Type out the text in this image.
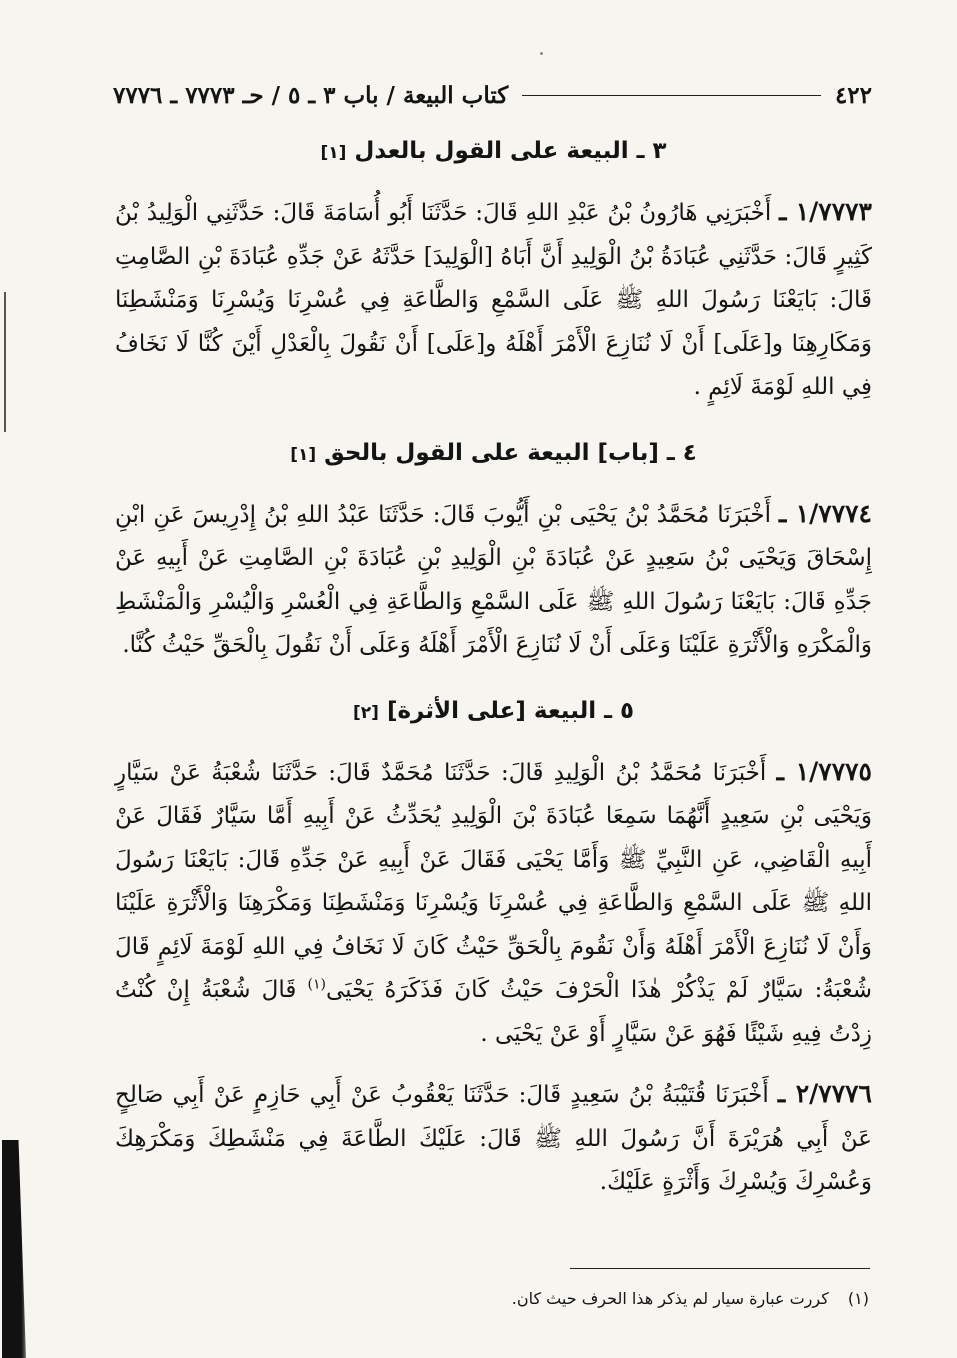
٤٢٢
كتاب البيعة / باب ٣ ـ ٥ / حـ ٧٧٧٣ ـ ٧٧٧٦
٣ ـ البيعة على القول بالعدل [١]

١/٧٧٧٣ ـ أَخْبَرَنِي هَارُونُ بْنُ عَبْدِ اللهِ قَالَ: حَدَّثَنَا أَبُو أُسَامَةَ قَالَ: حَدَّثَنِي الْوَلِيدُ بْنُ كَثِيرٍ قَالَ: حَدَّثَنِي عُبَادَةُ بْنُ الْوَلِيدِ أَنَّ أَبَاهُ [الْوَلِيدَ] حَدَّثَهُ عَنْ جَدِّهِ عُبَادَةَ بْنِ الصَّامِتِ قَالَ: بَايَعْنَا رَسُولَ اللهِ ﷺ عَلَى السَّمْعِ وَالطَّاعَةِ فِي عُسْرِنَا وَيُسْرِنَا وَمَنْشَطِنَا وَمَكَارِهِنَا و[عَلَى] أَنْ لَا نُنَازِعَ الْأَمْرَ أَهْلَهُ و[عَلَى] أَنْ نَقُولَ بِالْعَدْلِ أَيْنَ كُنَّا لَا نَخَافُ فِي اللهِ لَوْمَةَ لَائِمٍ .

٤ ـ [باب] البيعة على القول بالحق [١]

١/٧٧٧٤ ـ أَخْبَرَنَا مُحَمَّدُ بْنُ يَحْيَى بْنِ أَيُّوبَ قَالَ: حَدَّثَنَا عَبْدُ اللهِ بْنُ إِدْرِيسَ عَنِ ابْنِ إِسْحَاقَ وَيَحْيَى بْنُ سَعِيدٍ عَنْ عُبَادَةَ بْنِ الْوَلِيدِ بْنِ عُبَادَةَ بْنِ الصَّامِتِ عَنْ أَبِيهِ عَنْ جَدِّهِ قَالَ: بَايَعْنَا رَسُولَ اللهِ ﷺ عَلَى السَّمْعِ وَالطَّاعَةِ فِي الْعُسْرِ وَالْيُسْرِ وَالْمَنْشَطِ وَالْمَكْرَهِ وَالْأَثْرَةِ عَلَيْنَا وَعَلَى أَنْ لَا نُنَازِعَ الْأَمْرَ أَهْلَهُ وَعَلَى أَنْ نَقُولَ بِالْحَقِّ حَيْثُ كُنَّا.

٥ ـ البيعة [على الأثرة] [٢]

١/٧٧٧٥ ـ أَخْبَرَنَا مُحَمَّدُ بْنُ الْوَلِيدِ قَالَ: حَدَّثَنَا مُحَمَّدٌ قَالَ: حَدَّثَنَا شُعْبَةُ عَنْ سَيَّارٍ وَيَحْيَى بْنِ سَعِيدٍ أَنَّهُمَا سَمِعَا عُبَادَةَ بْنَ الْوَلِيدِ يُحَدِّثُ عَنْ أَبِيهِ أَمَّا سَيَّارٌ فَقَالَ عَنْ أَبِيهِ الْقَاضِي، عَنِ النَّبِيِّ ﷺ وَأَمَّا يَحْيَى فَقَالَ عَنْ أَبِيهِ عَنْ جَدِّهِ قَالَ: بَايَعْنَا رَسُولَ اللهِ ﷺ عَلَى السَّمْعِ وَالطَّاعَةِ فِي عُسْرِنَا وَيُسْرِنَا وَمَنْشَطِنَا وَمَكْرَهِنَا وَالْأَثْرَةِ عَلَيْنَا وَأَنْ لَا نُنَازِعَ الْأَمْرَ أَهْلَهُ وَأَنْ نَقُومَ بِالْحَقِّ حَيْثُ كَانَ لَا نَخَافُ فِي اللهِ لَوْمَةَ لَائِمٍ قَالَ شُعْبَةُ: سَيَّارٌ لَمْ يَذْكُرْ هٰذَا الْحَرْفَ حَيْثُ كَانَ فَذَكَرَهُ يَحْيَى$^{(١)}$ قَالَ شُعْبَةُ إِنْ كُنْتُ زِدْتُ فِيهِ شَيْئًا فَهُوَ عَنْ سَيَّارٍ أَوْ عَنْ يَحْيَى .

٢/٧٧٧٦ ـ أَخْبَرَنَا قُتَيْبَةُ بْنُ سَعِيدٍ قَالَ: حَدَّثَنَا يَعْقُوبُ عَنْ أَبِي حَازِمٍ عَنْ أَبِي صَالِحٍ عَنْ أَبِي هُرَيْرَةَ أَنَّ رَسُولَ اللهِ ﷺ قَالَ: عَلَيْكَ الطَّاعَةَ فِي مَنْشَطِكَ وَمَكْرَهِكَ وَعُسْرِكَ وَيُسْرِكَ وَأَثْرَةٍ عَلَيْكَ.

(١) كررت عبارة سيار لم يذكر هذا الحرف حيث كان.
